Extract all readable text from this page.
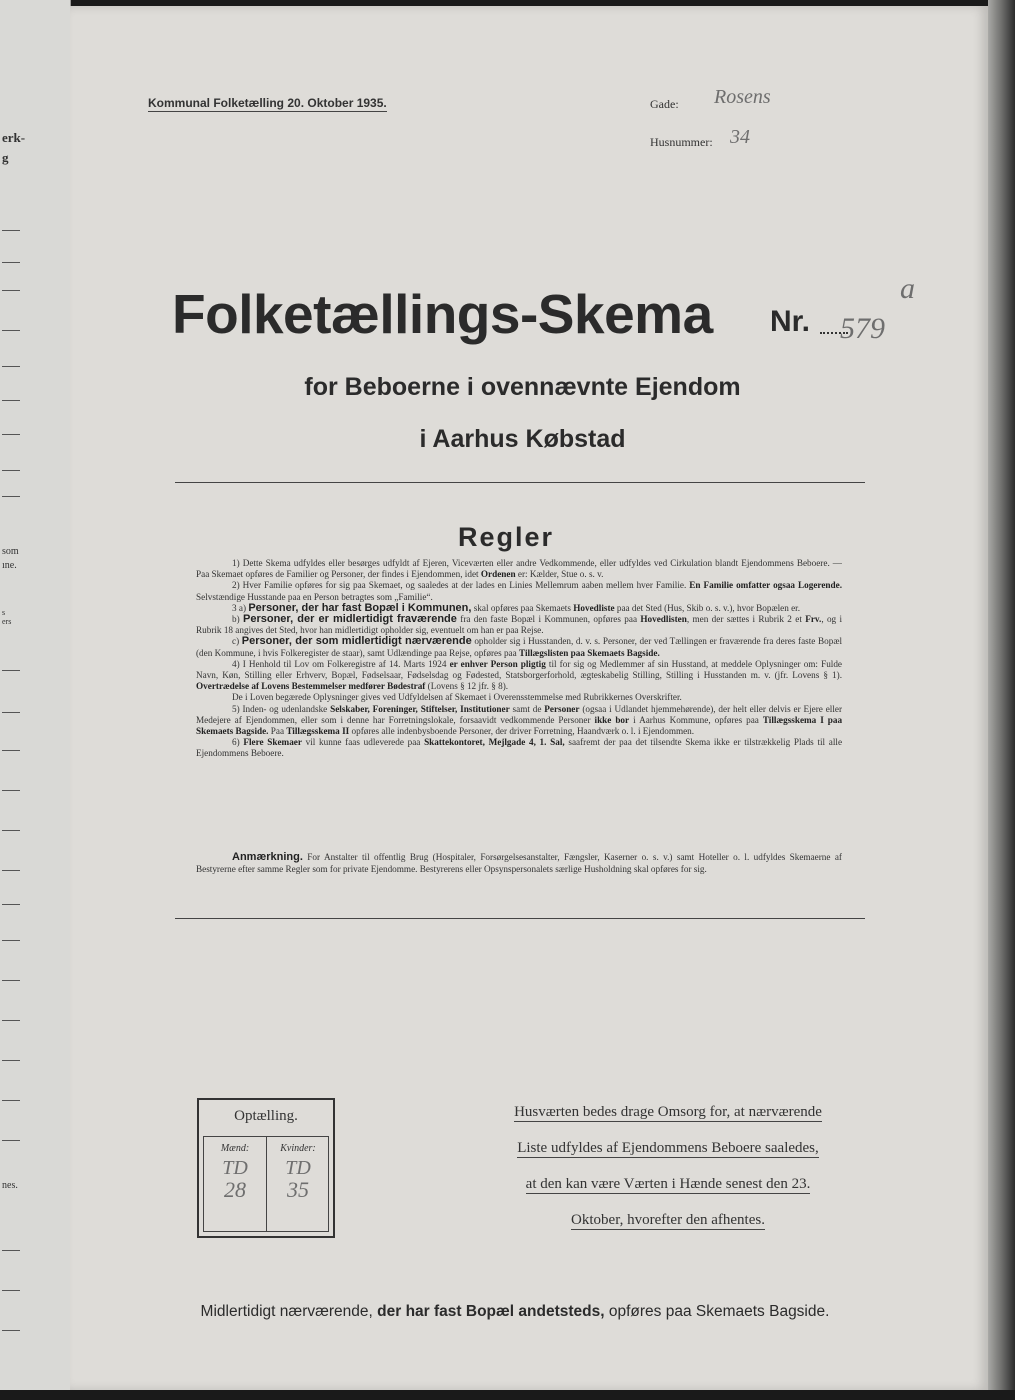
erk-
g
som
ıne.
s
ers
nes.
Kommunal Folketælling 20. Oktober 1935.	Gade: Rosens
Husnummer: 34
Folketællings-Skema Nr. 579
a
for Beboerne i ovennævnte Ejendom
i Aarhus Købstad
Regler

1) Dette Skema udfyldes eller besørges udfyldt af Ejeren, Viceværten eller andre Vedkommende, eller udfyldes ved Cirkulation blandt Ejendommens Beboere. — Paa Skemaet opføres de Familier og Personer, der findes i Ejendommen, idet Ordenen er: Kælder, Stue o. s. v.

2) Hver Familie opføres for sig paa Skemaet, og saaledes at der lades en Linies Mellemrum aaben mellem hver Familie. En Familie omfatter ogsaa Logerende. Selvstændige Husstande paa en Person betragtes som „Familie“.

3 a) Personer, der har fast Bopæl i Kommunen, skal opføres paa Skemaets Hovedliste paa det Sted (Hus, Skib o. s. v.), hvor Bopælen er.

b) Personer, der er midlertidigt fraværende fra den faste Bopæl i Kommunen, opføres paa Hovedlisten, men der sættes i Rubrik 2 et Frv., og i Rubrik 18 angives det Sted, hvor han midlertidigt opholder sig, eventuelt om han er paa Rejse.

c) Personer, der som midlertidigt nærværende opholder sig i Husstanden, d. v. s. Personer, der ved Tællingen er fraværende fra deres faste Bopæl (den Kommune, i hvis Folkeregister de staar), samt Udlændinge paa Rejse, opføres paa Tillægslisten paa Skemaets Bagside.

4) I Henhold til Lov om Folkeregistre af 14. Marts 1924 er enhver Person pligtig til for sig og Medlemmer af sin Husstand, at meddele Oplysninger om: Fulde Navn, Køn, Stilling eller Erhverv, Bopæl, Fødselsaar, Fødselsdag og Fødested, Statsborgerforhold, ægteskabelig Stilling, Stilling i Husstanden m. v. (jfr. Lovens § 1). Overtrædelse af Lovens Bestemmelser medfører Bødestraf (Lovens § 12 jfr. § 8).

De i Loven begærede Oplysninger gives ved Udfyldelsen af Skemaet i Overensstemmelse med Rubrikkernes Overskrifter.

5) Inden- og udenlandske Selskaber, Foreninger, Stiftelser, Institutioner samt de Personer (ogsaa i Udlandet hjemmehørende), der helt eller delvis er Ejere eller Medejere af Ejendommen, eller som i denne har Forretningslokale, forsaavidt vedkommende Personer ikke bor i Aarhus Kommune, opføres paa Tillægsskema I paa Skemaets Bagside. Paa Tillægsskema II opføres alle indenbysboende Personer, der driver Forretning, Haandværk o. l. i Ejendommen.

6) Flere Skemaer vil kunne faas udleverede paa Skattekontoret, Mejlgade 4, 1. Sal, saafremt der paa det tilsendte Skema ikke er tilstrækkelig Plads til alle Ejendommens Beboere.

Anmærkning. For Anstalter til offentlig Brug (Hospitaler, Forsørgelsesanstalter, Fængsler, Kaserner o. s. v.) samt Hoteller o. l. udfyldes Skemaerne af Bestyrerne efter samme Regler som for private Ejendomme. Bestyrerens eller Opsynspersonalets særlige Husholdning skal opføres for sig.

Optælling.
Mænd:	Kvinder:
TD	TD
28	35
Husværten bedes drage Omsorg for, at nærværende
Liste udfyldes af Ejendommens Beboere saaledes,
at den kan være Værten i Hænde senest den 23.
Oktober, hvorefter den afhentes.
Midlertidigt nærværende, der har fast Bopæl andetsteds, opføres paa Skemaets Bagside.
